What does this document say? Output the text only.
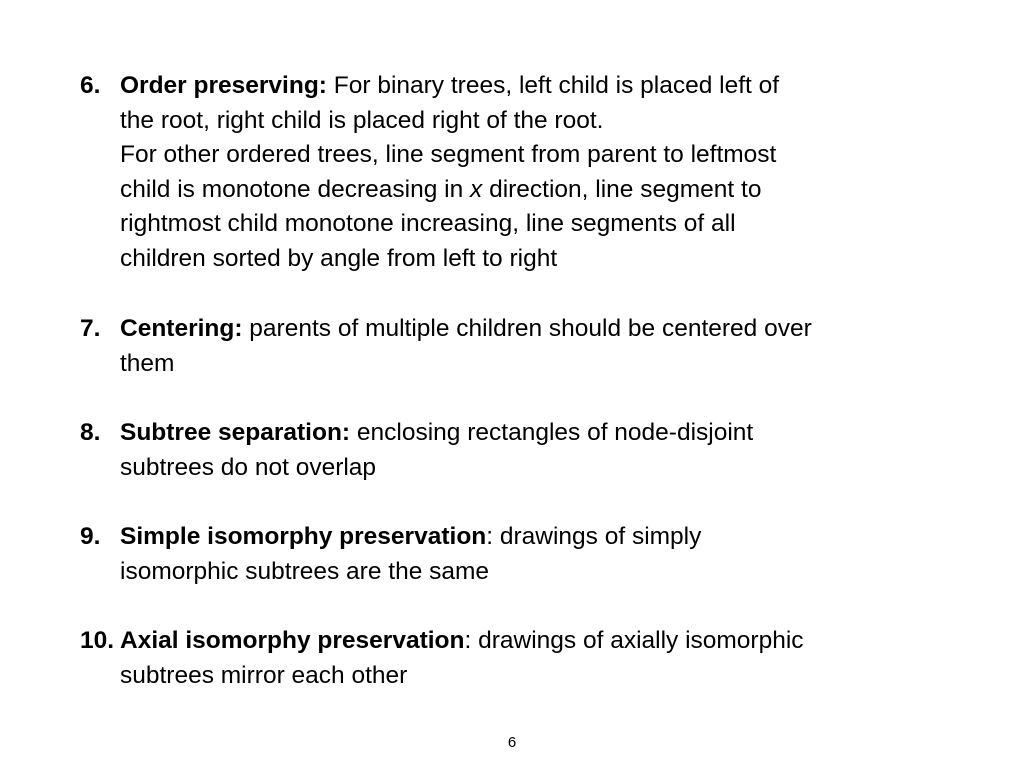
6. Order preserving: For binary trees, left child is placed left of
the root, right child is placed right of the root.
For other ordered trees, line segment from parent to leftmost
child is monotone decreasing in x direction, line segment to
rightmost child monotone increasing, line segments of all
children sorted by angle from left to right
7. Centering: parents of multiple children should be centered over
them
8. Subtree separation: enclosing rectangles of node-disjoint
subtrees do not overlap
9. Simple isomorphy preservation: drawings of simply
isomorphic subtrees are the same
10. Axial isomorphy preservation: drawings of axially isomorphic
subtrees mirror each other
6
